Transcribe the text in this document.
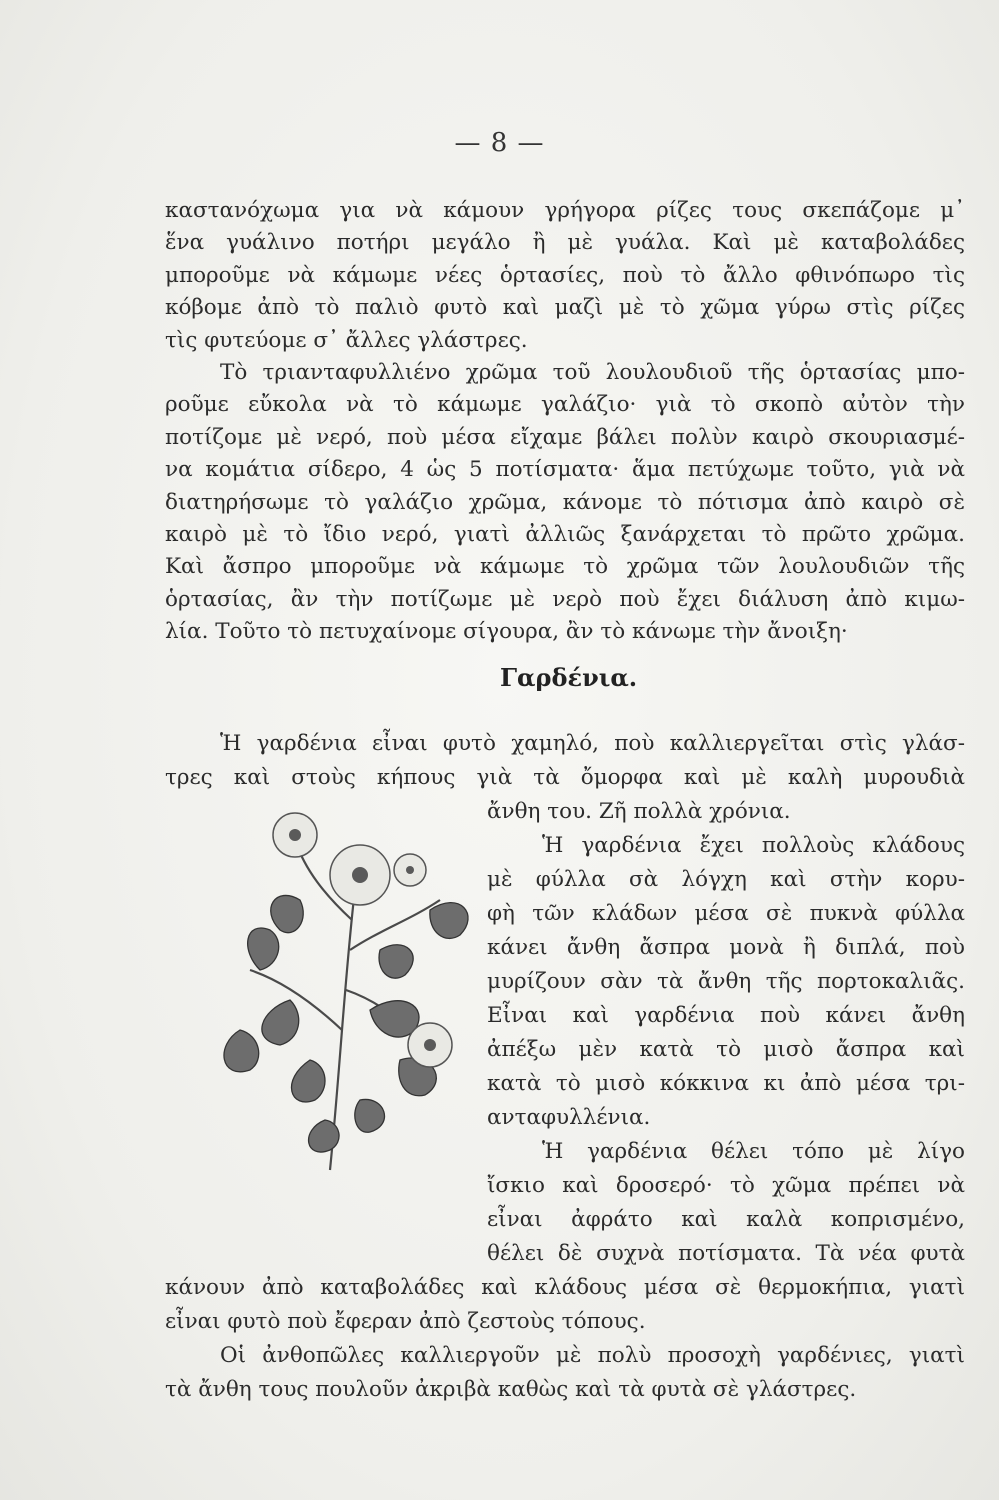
— 8 —
καστανόχωμα για νὰ κάμουν γρήγορα ρίζες τους σκεπάζομε μ᾽
ἕνα γυάλινο ποτήρι μεγάλο ἢ μὲ γυάλα. Καὶ μὲ καταβολάδες
μποροῦμε νὰ κάμωμε νέες ὁρτασίες, ποὺ τὸ ἄλλο φθινόπωρο τὶς
κόβομε ἀπὸ τὸ παλιὸ φυτὸ καὶ μαζὶ μὲ τὸ χῶμα γύρω στὶς ρίζες
τὶς φυτεύομε σ᾽ ἄλλες γλάστρες.
Τὸ τριανταφυλλιένο χρῶμα τοῦ λουλουδιοῦ τῆς ὁρτασίας μπο-
ροῦμε εὔκολα νὰ τὸ κάμωμε γαλάζιο· γιὰ τὸ σκοπὸ αὐτὸν τὴν
ποτίζομε μὲ νερό, ποὺ μέσα εἴχαμε βάλει πολὺν καιρὸ σκουριασμέ-
να κομάτια σίδερο, 4 ὡς 5 ποτίσματα· ἅμα πετύχωμε τοῦτο, γιὰ νὰ
διατηρήσωμε τὸ γαλάζιο χρῶμα, κάνομε τὸ πότισμα ἀπὸ καιρὸ σὲ
καιρὸ μὲ τὸ ἴδιο νερό, γιατὶ ἀλλιῶς ξανάρχεται τὸ πρῶτο χρῶμα.
Καὶ ἄσπρο μποροῦμε νὰ κάμωμε τὸ χρῶμα τῶν λουλουδιῶν τῆς
ὁρτασίας, ἂν τὴν ποτίζωμε μὲ νερὸ ποὺ ἔχει διάλυση ἀπὸ κιμω-
λία. Τοῦτο τὸ πετυχαίνομε σίγουρα, ἂν τὸ κάνωμε τὴν ἄνοιξη·
Γαρδένια.
Ἡ γαρδένια εἶναι φυτὸ χαμηλό, ποὺ καλλιεργεῖται στὶς γλάσ-
τρες καὶ στοὺς κήπους γιὰ τὰ ὄμορφα καὶ μὲ καλὴ μυρουδιὰ
ἄνθη του. Ζῆ πολλὰ χρόνια.
Ἡ γαρδένια ἔχει πολλοὺς κλάδους
μὲ φύλλα σὰ λόγχη καὶ στὴν κορυ-
φὴ τῶν κλάδων μέσα σὲ πυκνὰ φύλλα
κάνει ἄνθη ἄσπρα μονὰ ἢ διπλά, ποὺ
μυρίζουν σὰν τὰ ἄνθη τῆς πορτοκαλιᾶς.
Εἶναι καὶ γαρδένια ποὺ κάνει ἄνθη
ἀπέξω μὲν κατὰ τὸ μισὸ ἄσπρα καὶ
κατὰ τὸ μισὸ κόκκινα κι ἀπὸ μέσα τρι-
ανταφυλλένια.
Ἡ γαρδένια θέλει τόπο μὲ λίγο
ἴσκιο καὶ δροσερό· τὸ χῶμα πρέπει νὰ
εἶναι ἀφράτο καὶ καλὰ κοπρισμένο,
θέλει δὲ συχνὰ ποτίσματα. Τὰ νέα φυτὰ
κάνουν ἀπὸ καταβολάδες καὶ κλάδους μέσα σὲ θερμοκήπια, γιατὶ
εἶναι φυτὸ ποὺ ἔφεραν ἀπὸ ζεστοὺς τόπους.
Οἱ ἀνθοπῶλες καλλιεργοῦν μὲ πολὺ προσοχὴ γαρδένιες, γιατὶ
τὰ ἄνθη τους πουλοῦν ἀκριβὰ καθὼς καὶ τὰ φυτὰ σὲ γλάστρες.
